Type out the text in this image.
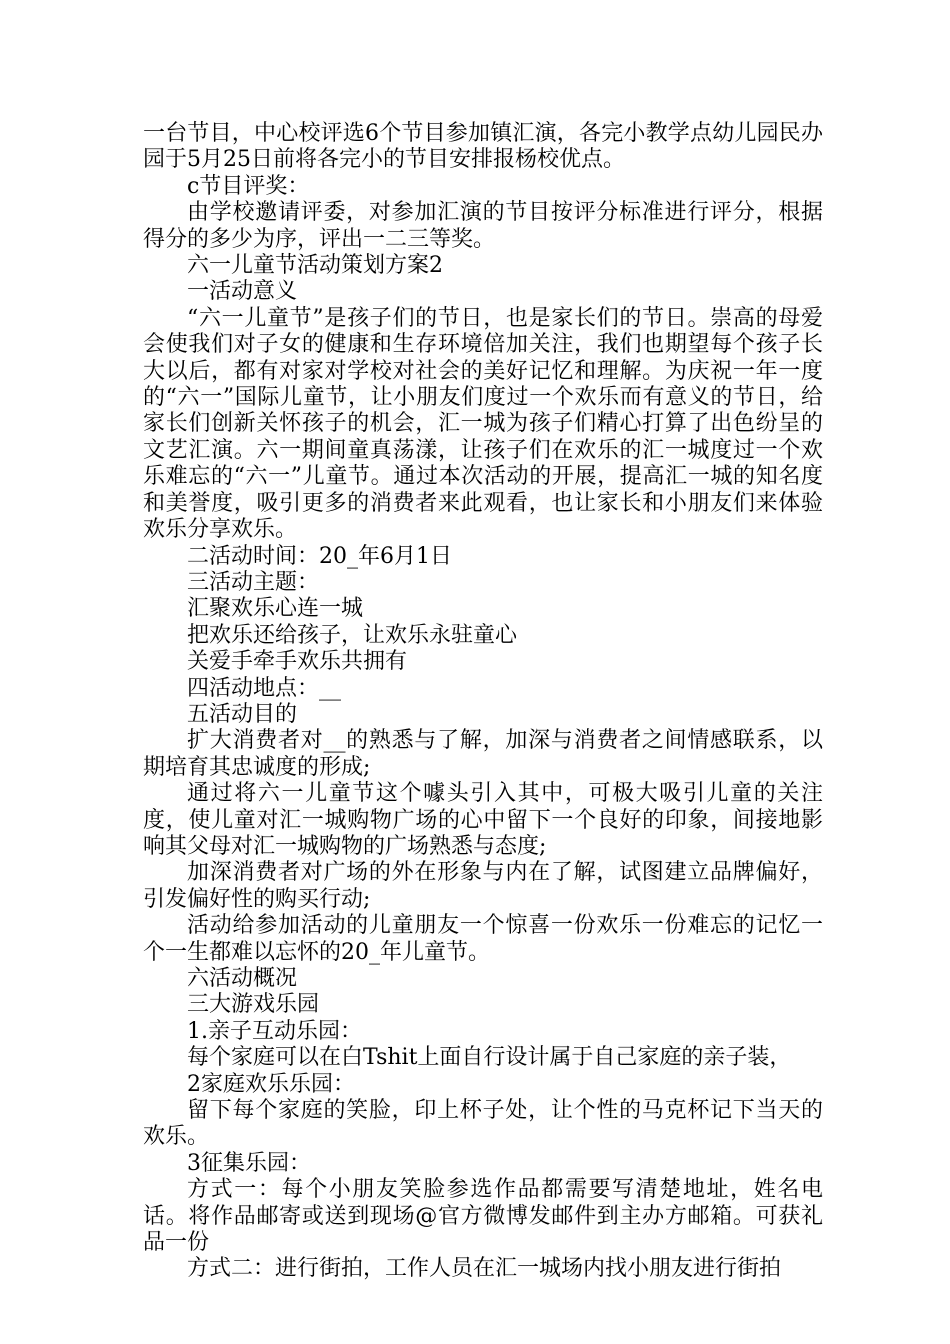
一台节目，中心校评选6个节目参加镇汇演，各完小教学点幼儿园民办园于5月25日前将各完小的节目安排报杨校优点。

c节目评奖：

由学校邀请评委，对参加汇演的节目按评分标准进行评分，根据得分的多少为序，评出一二三等奖。

六一儿童节活动策划方案2

一活动意义

“六一儿童节”是孩子们的节日，也是家长们的节日。崇高的母爱会使我们对子女的健康和生存环境倍加关注，我们也期望每个孩子长大以后，都有对家对学校对社会的美好记忆和理解。为庆祝一年一度的“六一”国际儿童节，让小朋友们度过一个欢乐而有意义的节日，给家长们创新关怀孩子的机会，汇一城为孩子们精心打算了出色纷呈的文艺汇演。六一期间童真荡漾，让孩子们在欢乐的汇一城度过一个欢乐难忘的“六一”儿童节。通过本次活动的开展，提高汇一城的知名度和美誉度，吸引更多的消费者来此观看，也让家长和小朋友们来体验欢乐分享欢乐。

二活动时间：20_年6月1日

三活动主题：

汇聚欢乐心连一城

把欢乐还给孩子，让欢乐永驻童心

关爱手牵手欢乐共拥有

四活动地点：__

五活动目的

扩大消费者对__的熟悉与了解，加深与消费者之间情感联系，以期培育其忠诚度的形成;

通过将六一儿童节这个噱头引入其中，可极大吸引儿童的关注度，使儿童对汇一城购物广场的心中留下一个良好的印象，间接地影响其父母对汇一城购物的广场熟悉与态度;

加深消费者对广场的外在形象与内在了解，试图建立品牌偏好，引发偏好性的购买行动;

活动给参加活动的儿童朋友一个惊喜一份欢乐一份难忘的记忆一个一生都难以忘怀的20_年儿童节。

六活动概况

三大游戏乐园

1.亲子互动乐园：

每个家庭可以在白Tshit上面自行设计属于自己家庭的亲子装，

2家庭欢乐乐园：

留下每个家庭的笑脸，印上杯子处，让个性的马克杯记下当天的欢乐。

3征集乐园：

方式一：每个小朋友笑脸参选作品都需要写清楚地址，姓名电话。将作品邮寄或送到现场@官方微博发邮件到主办方邮箱。可获礼品一份

方式二：进行街拍，工作人员在汇一城场内找小朋友进行街拍
